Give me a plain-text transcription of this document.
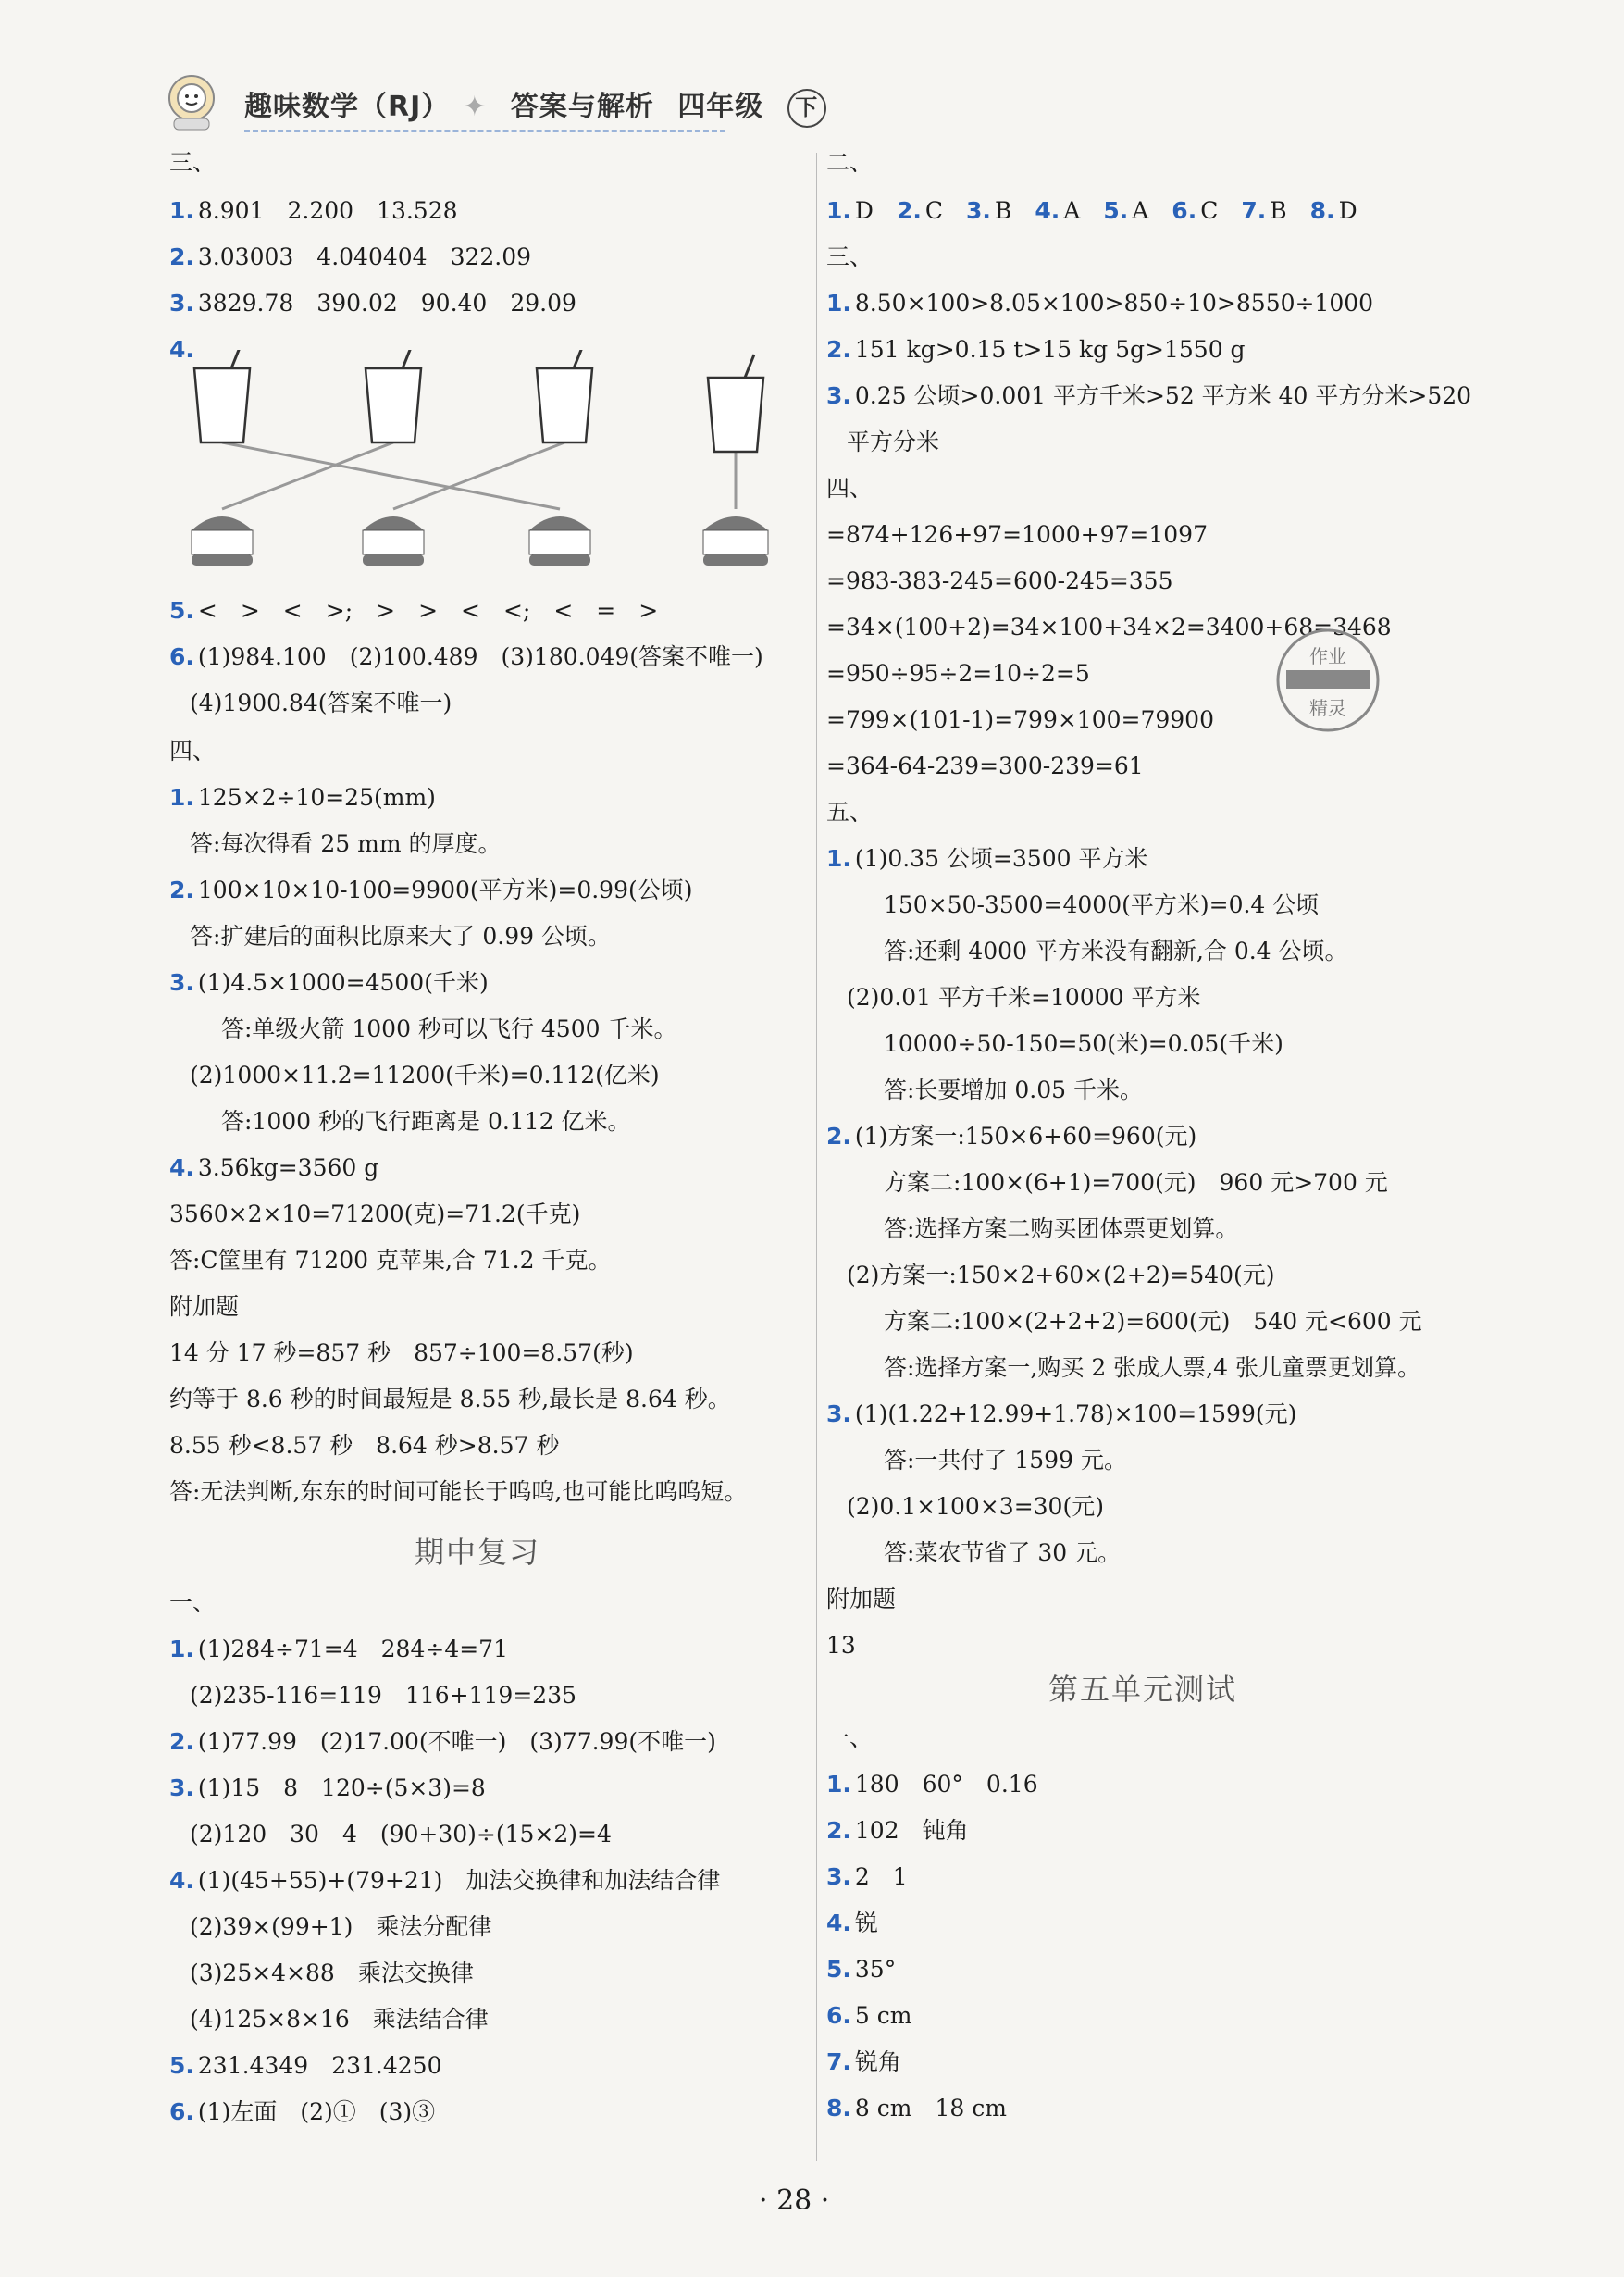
趣味数学（RJ） ✦ 答案与解析 四年级 下
三、
1. 8.901　2.200　13.528
2. 3.03003　4.040404　322.09
3. 3829.78　390.02　90.40　29.09
4.
5. <　>　<　>;　>　>　<　<;　<　=　>
6. (1)984.100　(2)100.489　(3)180.049(答案不唯一)
(4)1900.84(答案不唯一)
四、
1. 125×2÷10=25(mm)
答:每次得看 25 mm 的厚度。
2. 100×10×10-100=9900(平方米)=0.99(公顷)
答:扩建后的面积比原来大了 0.99 公顷。
3. (1)4.5×1000=4500(千米)
答:单级火箭 1000 秒可以飞行 4500 千米。
(2)1000×11.2=11200(千米)=0.112(亿米)
答:1000 秒的飞行距离是 0.112 亿米。
4. 3.56kg=3560 g
3560×2×10=71200(克)=71.2(千克)
答:C筐里有 71200 克苹果,合 71.2 千克。
附加题
14 分 17 秒=857 秒　857÷100=8.57(秒)
约等于 8.6 秒的时间最短是 8.55 秒,最长是 8.64 秒。
8.55 秒<8.57 秒　8.64 秒>8.57 秒
答:无法判断,东东的时间可能长于呜呜,也可能比呜呜短。
期中复习
一、
1. (1)284÷71=4　284÷4=71
(2)235-116=119　116+119=235
2. (1)77.99　(2)17.00(不唯一)　(3)77.99(不唯一)
3. (1)15　8　120÷(5×3)=8
(2)120　30　4　(90+30)÷(15×2)=4
4. (1)(45+55)+(79+21)　加法交换律和加法结合律
(2)39×(99+1)　乘法分配律
(3)25×4×88　乘法交换律
(4)125×8×16　乘法结合律
5. 231.4349　231.4250
6. (1)左面　(2)①　(3)③
二、
1. D　 2. C　 3. B　 4. A　 5. A　 6. C　 7. B　 8. D
三、
1. 8.50×100>8.05×100>850÷10>8550÷1000
2. 151 kg>0.15 t>15 kg 5g>1550 g
3. 0.25 公顷>0.001 平方千米>52 平方米 40 平方分米>520
平方分米
四、
=874+126+97=1000+97=1097
=983-383-245=600-245=355
=34×(100+2)=34×100+34×2=3400+68=3468
=950÷95÷2=10÷2=5
=799×(101-1)=799×100=79900
=364-64-239=300-239=61
五、
1. (1)0.35 公顷=3500 平方米
150×50-3500=4000(平方米)=0.4 公顷
答:还剩 4000 平方米没有翻新,合 0.4 公顷。
(2)0.01 平方千米=10000 平方米
10000÷50-150=50(米)=0.05(千米)
答:长要增加 0.05 千米。
2. (1)方案一:150×6+60=960(元)
方案二:100×(6+1)=700(元)　960 元>700 元
答:选择方案二购买团体票更划算。
(2)方案一:150×2+60×(2+2)=540(元)
方案二:100×(2+2+2)=600(元)　540 元<600 元
答:选择方案一,购买 2 张成人票,4 张儿童票更划算。
3. (1)(1.22+12.99+1.78)×100=1599(元)
答:一共付了 1599 元。
(2)0.1×100×3=30(元)
答:菜农节省了 30 元。
附加题
13
第五单元测试
一、
1. 180　60°　0.16
2. 102　钝角
3. 2　1
4. 锐
5. 35°
6. 5 cm
7. 锐角
8. 8 cm　18 cm
作业
精灵
· 28 ·
